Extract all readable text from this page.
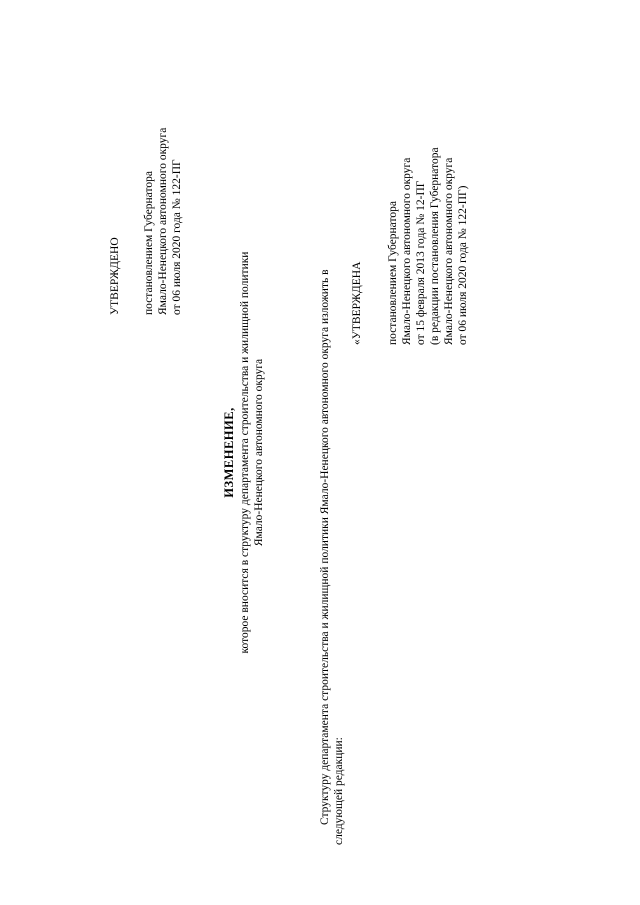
УТВЕРЖДЕНО постановлением Губернатора Ямало-Ненецкого автономного округа от 06 июля 2020 года № 122-ПГ
ИЗМЕНЕНИЕ, которое вносится в структуру департамента строительства и жилищной политики Ямало-Ненецкого автономного округа	Структуру департамента строительства и жилищной политики Ямало-Ненецкого автономного округа изложить в следующей редакции:
«УТВЕРЖДЕНА постановлением Губернатора Ямало-Ненецкого автономного округа от 15 февраля 2013 года № 12-ПГ (в редакции постановления Губернатора Ямало-Ненецкого автономного округа от 06 июля 2020 года № 122-ПГ)
